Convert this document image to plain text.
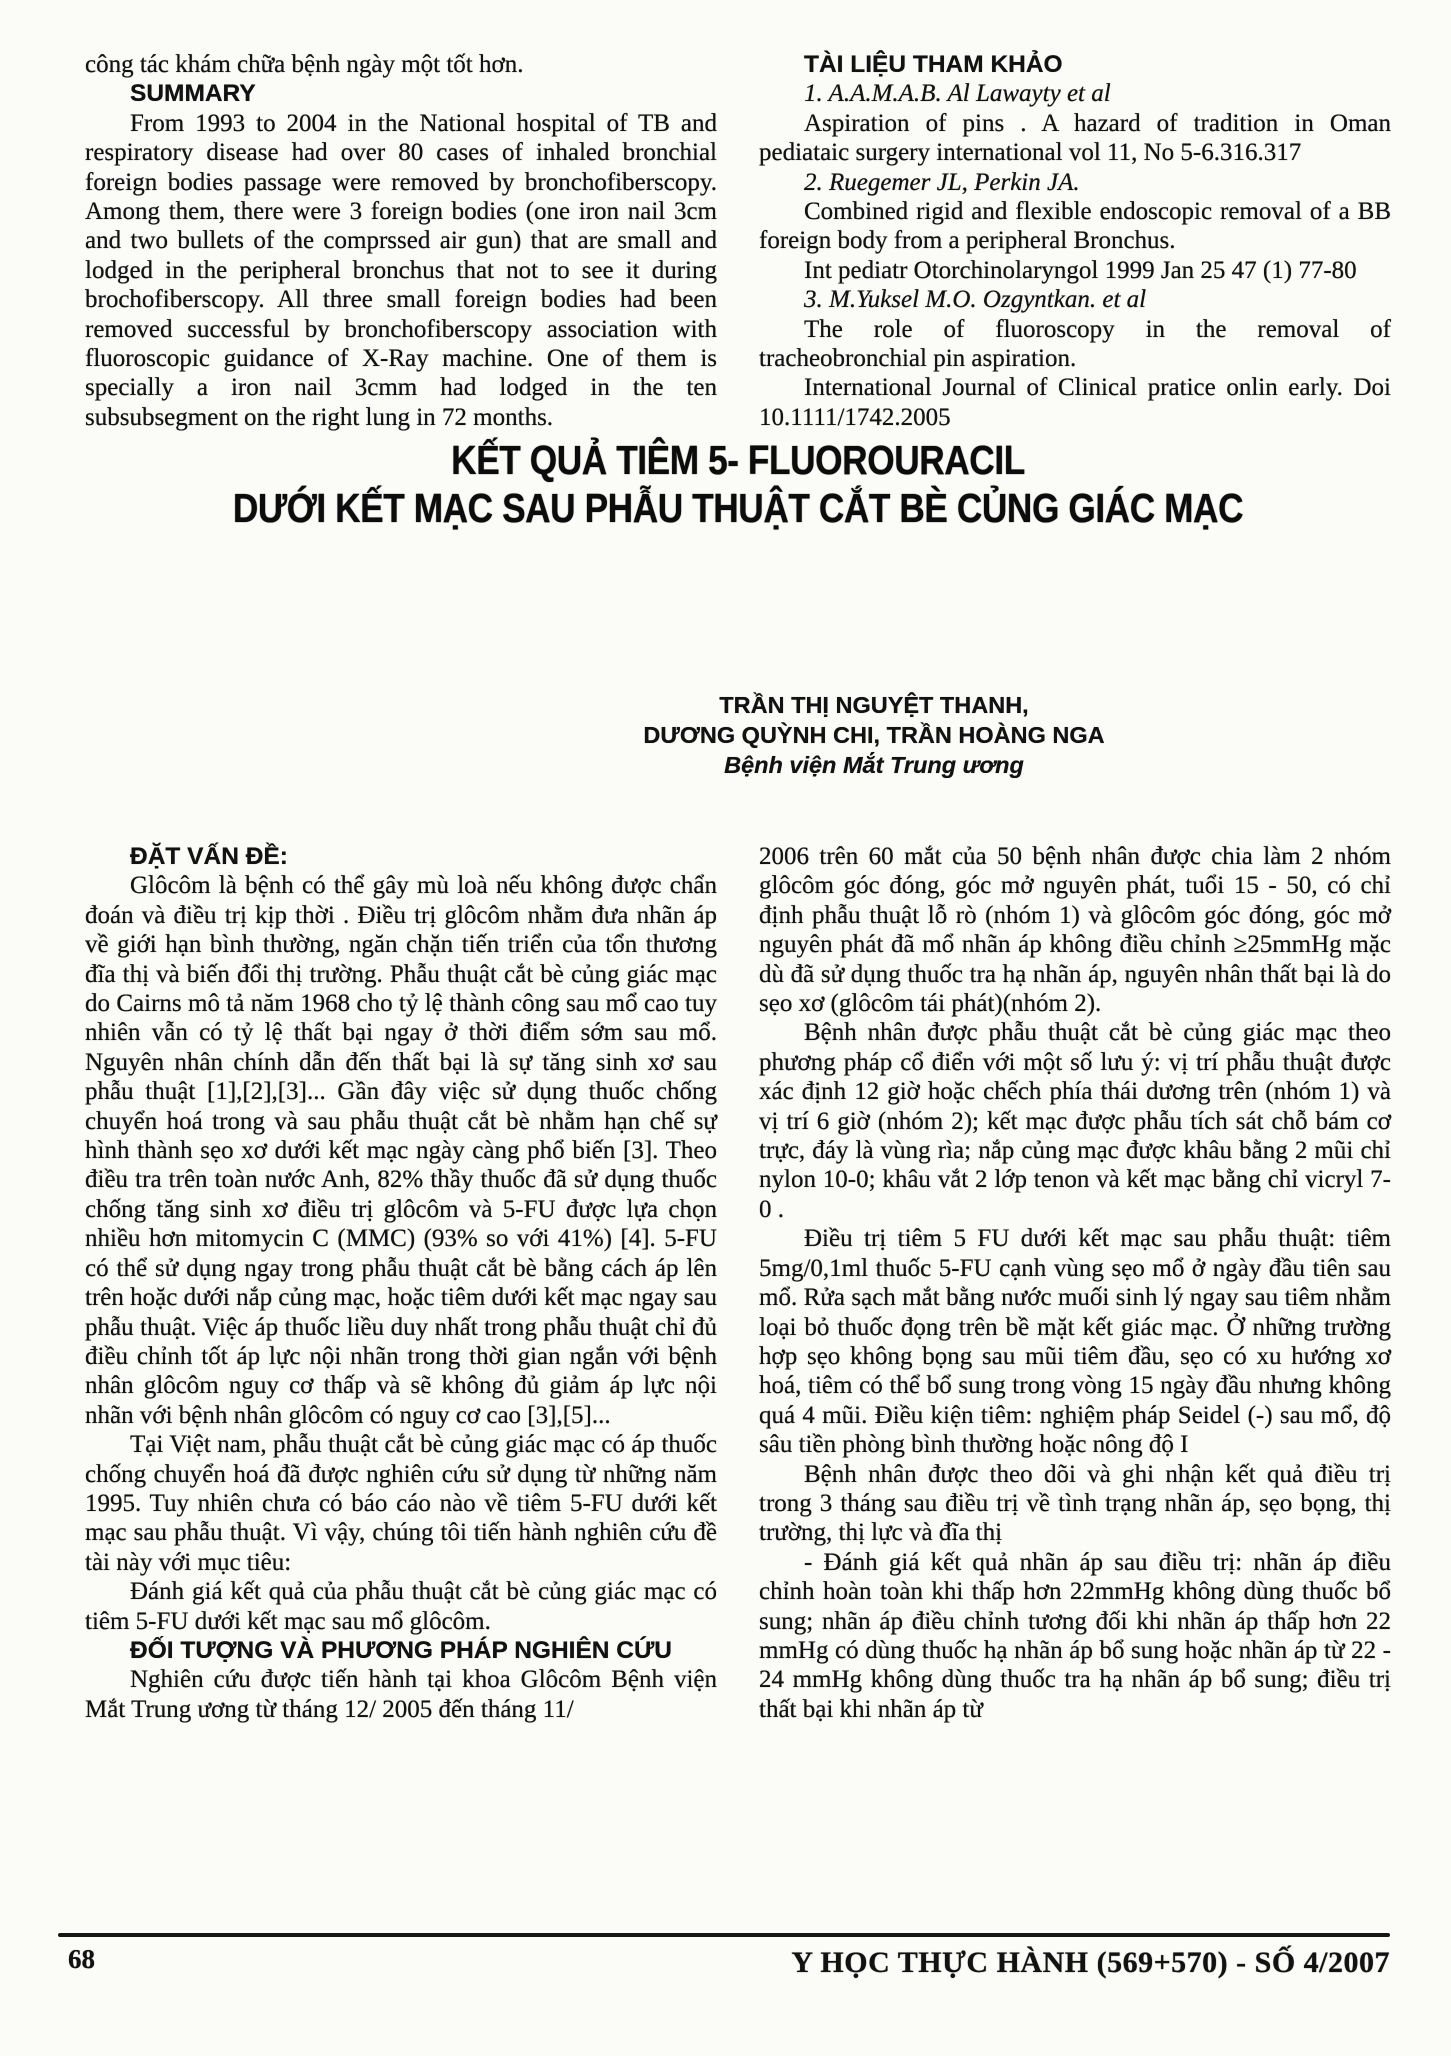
công tác khám chữa bệnh ngày một tốt hơn.

SUMMARY

From 1993 to 2004 in the National hospital of TB and respiratory disease had over 80 cases of inhaled bronchial foreign bodies passage were removed by bronchofiberscopy. Among them, there were 3 foreign bodies (one iron nail 3cm and two bullets of the comprssed air gun) that are small and lodged in the peripheral bronchus that not to see it during brochofiberscopy. All three small foreign bodies had been removed successful by bronchofiberscopy association with fluoroscopic guidance of X-Ray machine. One of them is specially a iron nail 3cmm had lodged in the ten subsubsegment on the right lung in 72 months.

TÀI LIỆU THAM KHẢO

1. A.A.M.A.B. Al Lawayty et al

Aspiration of pins . A hazard of tradition in Oman pediataic surgery international vol 11, No 5-6.316.317

2. Ruegemer JL, Perkin JA.

Combined rigid and flexible endoscopic removal of a BB foreign body from a peripheral Bronchus.

Int pediatr Otorchinolaryngol 1999 Jan 25 47 (1) 77-80

3. M.Yuksel M.O. Ozgyntkan. et al

The role of fluoroscopy in the removal of tracheobronchial pin aspiration.

International Journal of Clinical pratice onlin early. Doi 10.1111/1742.2005

KẾT QUẢ TIÊM 5- FLUOROURACIL
DƯỚI KẾT MẠC SAU PHẪU THUẬT CẮT BÈ CỦNG GIÁC MẠC
TRẦN THỊ NGUYỆT THANH,
DƯƠNG QUỲNH CHI, TRẦN HOÀNG NGA
Bệnh viện Mắt Trung ương

ĐẶT VẤN ĐỀ:

Glôcôm là bệnh có thể gây mù loà nếu không được chẩn đoán và điều trị kịp thời . Điều trị glôcôm nhằm đưa nhãn áp về giới hạn bình thường, ngăn chặn tiến triển của tổn thương đĩa thị và biến đổi thị trường. Phẫu thuật cắt bè củng giác mạc do Cairns mô tả năm 1968 cho tỷ lệ thành công sau mổ cao tuy nhiên vẫn có tỷ lệ thất bại ngay ở thời điểm sớm sau mổ. Nguyên nhân chính dẫn đến thất bại là sự tăng sinh xơ sau phẫu thuật [1],[2],[3]... Gần đây việc sử dụng thuốc chống chuyển hoá trong và sau phẫu thuật cắt bè nhằm hạn chế sự hình thành sẹo xơ dưới kết mạc ngày càng phổ biến [3]. Theo điều tra trên toàn nước Anh, 82% thầy thuốc đã sử dụng thuốc chống tăng sinh xơ điều trị glôcôm và 5-FU được lựa chọn nhiều hơn mitomycin C (MMC) (93% so với 41%) [4]. 5-FU có thể sử dụng ngay trong phẫu thuật cắt bè bằng cách áp lên trên hoặc dưới nắp củng mạc, hoặc tiêm dưới kết mạc ngay sau phẫu thuật. Việc áp thuốc liều duy nhất trong phẫu thuật chỉ đủ điều chỉnh tốt áp lực nội nhãn trong thời gian ngắn với bệnh nhân glôcôm nguy cơ thấp và sẽ không đủ giảm áp lực nội nhãn với bệnh nhân glôcôm có nguy cơ cao [3],[5]...

Tại Việt nam, phẫu thuật cắt bè củng giác mạc có áp thuốc chống chuyển hoá đã được nghiên cứu sử dụng từ những năm 1995. Tuy nhiên chưa có báo cáo nào về tiêm 5-FU dưới kết mạc sau phẫu thuật. Vì vậy, chúng tôi tiến hành nghiên cứu đề tài này với mục tiêu:

Đánh giá kết quả của phẫu thuật cắt bè củng giác mạc có tiêm 5-FU dưới kết mạc sau mổ glôcôm.

ĐỐI TƯỢNG VÀ PHƯƠNG PHÁP NGHIÊN CỨU

Nghiên cứu được tiến hành tại khoa Glôcôm Bệnh viện Mắt Trung ương từ tháng 12/ 2005 đến tháng 11/

2006 trên 60 mắt của 50 bệnh nhân được chia làm 2 nhóm glôcôm góc đóng, góc mở nguyên phát, tuổi 15 - 50, có chỉ định phẫu thuật lỗ rò (nhóm 1) và glôcôm góc đóng, góc mở nguyên phát đã mổ nhãn áp không điều chỉnh ≥25mmHg mặc dù đã sử dụng thuốc tra hạ nhãn áp, nguyên nhân thất bại là do sẹo xơ (glôcôm tái phát)(nhóm 2).

Bệnh nhân được phẫu thuật cắt bè củng giác mạc theo phương pháp cổ điển với một số lưu ý: vị trí phẫu thuật được xác định 12 giờ hoặc chếch phía thái dương trên (nhóm 1) và vị trí 6 giờ (nhóm 2); kết mạc được phẫu tích sát chỗ bám cơ trực, đáy là vùng rìa; nắp củng mạc được khâu bằng 2 mũi chỉ nylon 10-0; khâu vắt 2 lớp tenon và kết mạc bằng chỉ vicryl 7- 0 .

Điều trị tiêm 5 FU dưới kết mạc sau phẫu thuật: tiêm 5mg/0,1ml thuốc 5-FU cạnh vùng sẹo mổ ở ngày đầu tiên sau mổ. Rửa sạch mắt bằng nước muối sinh lý ngay sau tiêm nhằm loại bỏ thuốc đọng trên bề mặt kết giác mạc. Ở những trường hợp sẹo không bọng sau mũi tiêm đầu, sẹo có xu hướng xơ hoá, tiêm có thể bổ sung trong vòng 15 ngày đầu nhưng không quá 4 mũi. Điều kiện tiêm: nghiệm pháp Seidel (-) sau mổ, độ sâu tiền phòng bình thường hoặc nông độ I

Bệnh nhân được theo dõi và ghi nhận kết quả điều trị trong 3 tháng sau điều trị về tình trạng nhãn áp, sẹo bọng, thị trường, thị lực và đĩa thị

- Đánh giá kết quả nhãn áp sau điều trị: nhãn áp điều chỉnh hoàn toàn khi thấp hơn 22mmHg không dùng thuốc bổ sung; nhãn áp điều chỉnh tương đối khi nhãn áp thấp hơn 22 mmHg có dùng thuốc hạ nhãn áp bổ sung hoặc nhãn áp từ 22 - 24 mmHg không dùng thuốc tra hạ nhãn áp bổ sung; điều trị thất bại khi nhãn áp từ

68	Y HỌC THỰC HÀNH (569+570) - SỐ 4/2007
